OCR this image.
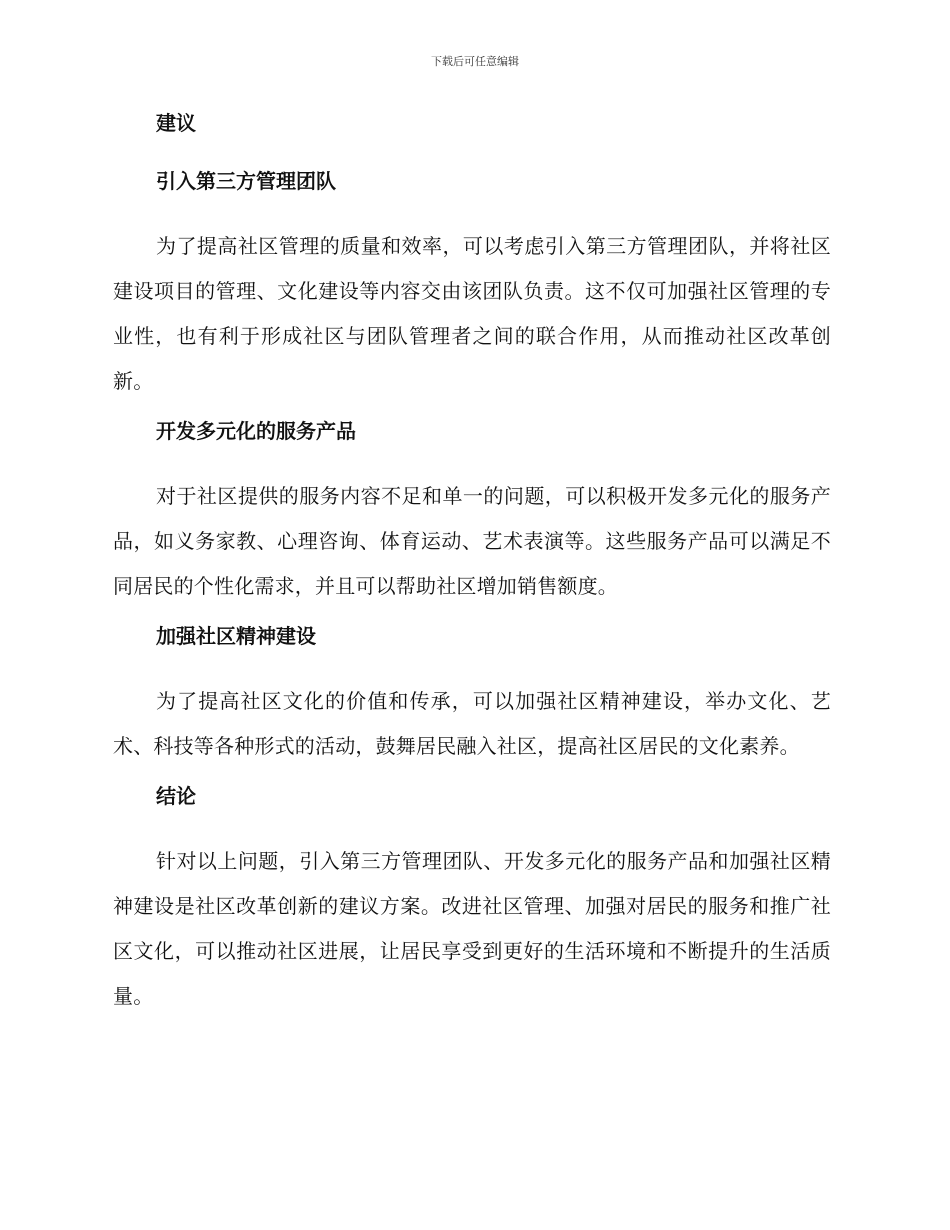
下载后可任意编辑
建议
引入第三方管理团队
为了提高社区管理的质量和效率，可以考虑引入第三方管理团队，并将社区建设项目的管理、文化建设等内容交由该团队负责。这不仅可加强社区管理的专业性，也有利于形成社区与团队管理者之间的联合作用，从而推动社区改革创新。
开发多元化的服务产品
对于社区提供的服务内容不足和单一的问题，可以积极开发多元化的服务产品，如义务家教、心理咨询、体育运动、艺术表演等。这些服务产品可以满足不同居民的个性化需求，并且可以帮助社区增加销售额度。
加强社区精神建设
为了提高社区文化的价值和传承，可以加强社区精神建设，举办文化、艺术、科技等各种形式的活动，鼓舞居民融入社区，提高社区居民的文化素养。
结论
针对以上问题，引入第三方管理团队、开发多元化的服务产品和加强社区精神建设是社区改革创新的建议方案。改进社区管理、加强对居民的服务和推广社区文化，可以推动社区进展，让居民享受到更好的生活环境和不断提升的生活质量。
